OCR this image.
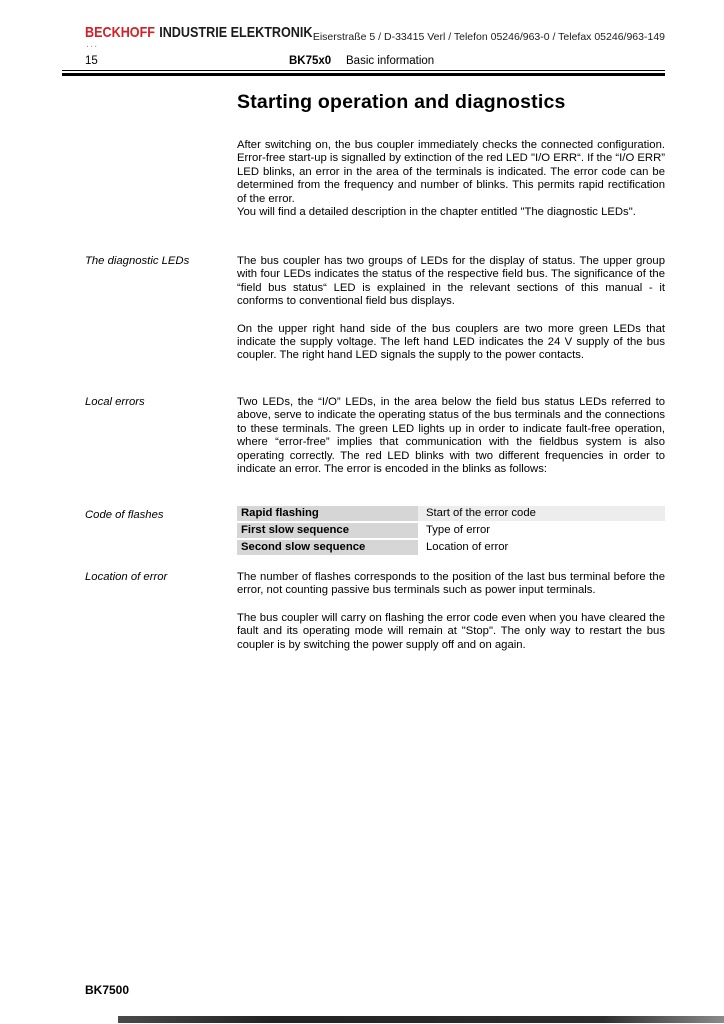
BECKHOFF INDUSTRIE ELEKTRONIK
...
Eiserstraße 5 / D-33415 Verl / Telefon 05246/963-0 / Telefax 05246/963-149
15	BK75x0 Basic information
Starting operation and diagnostics
After switching on, the bus coupler immediately checks the connected configuration. Error-free start-up is signalled by extinction of the red LED "I/O ERR“. If the “I/O ERR” LED blinks, an error in the area of the terminals is indicated. The error code can be determined from the frequency and number of blinks. This permits rapid rectification of the error.
You will find a detailed description in the chapter entitled "The diagnostic LEDs".
The diagnostic LEDs	The bus coupler has two groups of LEDs for the display of status. The upper group with four LEDs indicates the status of the respective field bus. The significance of the “field bus status“ LED is explained in the relevant sections of this manual - it conforms to conventional field bus displays.
On the upper right hand side of the bus couplers are two more green LEDs that indicate the supply voltage. The left hand LED indicates the 24 V supply of the bus coupler. The right hand LED signals the supply to the power contacts.
Local errors	Two LEDs, the “I/O” LEDs, in the area below the field bus status LEDs referred to above, serve to indicate the operating status of the bus terminals and the connections to these terminals. The green LED lights up in order to indicate fault-free operation, where “error-free” implies that communication with the fieldbus system is also operating correctly. The red LED blinks with two different frequencies in order to indicate an error. The error is encoded in the blinks as follows:
Code of flashes	Rapid flashing	Start of the error code
First slow sequence	Type of error
Second slow sequence	Location of error
Location of error	The number of flashes corresponds to the position of the last bus terminal before the error, not counting passive bus terminals such as power input terminals.
The bus coupler will carry on flashing the error code even when you have cleared the fault and its operating mode will remain at "Stop". The only way to restart the bus coupler is by switching the power supply off and on again.
BK7500
